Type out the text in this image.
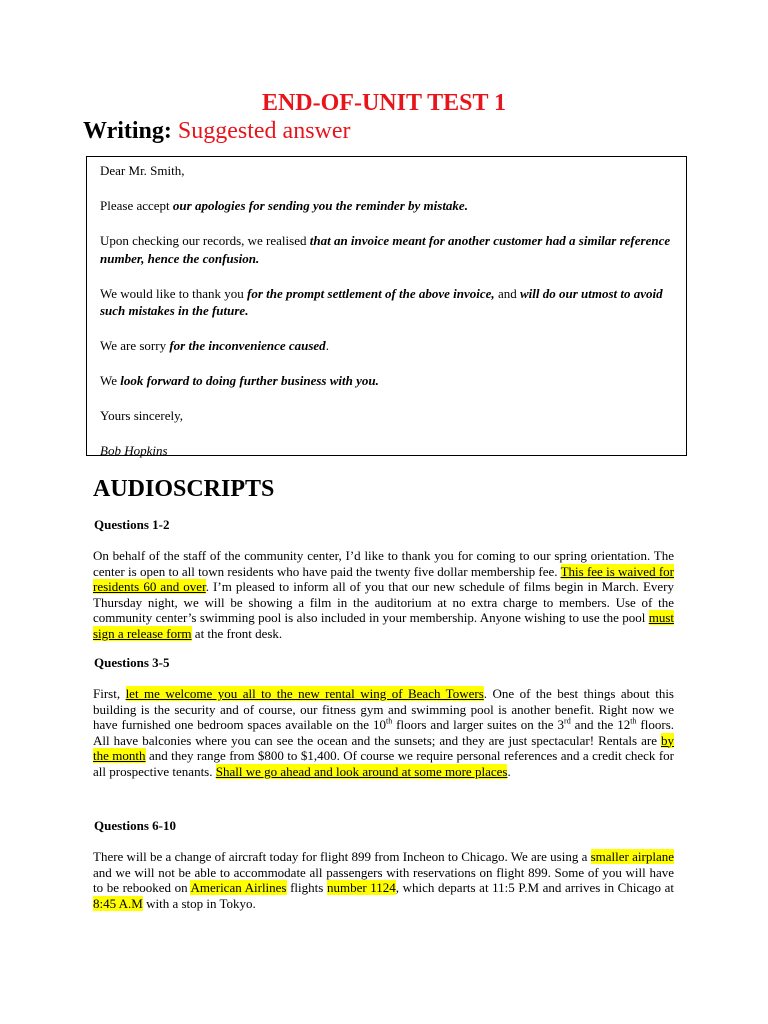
END-OF-UNIT TEST 1
Writing: Suggested answer

Dear Mr. Smith,

Please accept our apologies for sending you the reminder by mistake.

Upon checking our records, we realised that an invoice meant for another customer had a similar reference number, hence the confusion.

We would like to thank you for the prompt settlement of the above invoice, and will do our utmost to avoid such mistakes in the future.

We are sorry for the inconvenience caused.

We look forward to doing further business with you.

Yours sincerely,

Bob Hopkins

AUDIOSCRIPTS
Questions 1-2

On behalf of the staff of the community center, I’d like to thank you for coming to our spring orientation. The center is open to all town residents who have paid the twenty five dollar membership fee. This fee is waived for residents 60 and over. I’m pleased to inform all of you that our new schedule of films begin in March. Every Thursday night, we will be showing a film in the auditorium at no extra charge to members. Use of the community center’s swimming pool is also included in your membership. Anyone wishing to use the pool must sign a release form at the front desk.

Questions 3-5

First, let me welcome you all to the new rental wing of Beach Towers. One of the best things about this building is the security and of course, our fitness gym and swimming pool is another benefit. Right now we have furnished one bedroom spaces available on the 10th floors and larger suites on the 3rd and the 12th floors. All have balconies where you can see the ocean and the sunsets; and they are just spectacular! Rentals are by the month and they range from $800 to $1,400. Of course we require personal references and a credit check for all prospective tenants. Shall we go ahead and look around at some more places.

Questions 6-10

There will be a change of aircraft today for flight 899 from Incheon to Chicago. We are using a smaller airplane and we will not be able to accommodate all passengers with reservations on flight 899. Some of you will have to be rebooked on American Airlines flights number 1124, which departs at 11:5 P.M and arrives in Chicago at 8:45 A.M with a stop in Tokyo.
